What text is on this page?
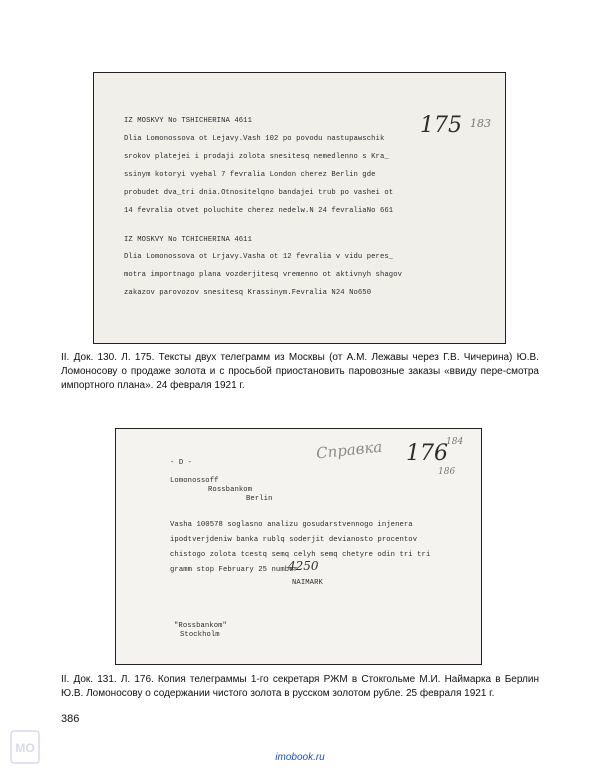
IZ MOSKVY No TSHICHERINA 4611
Dlia Lomonossova ot Lejavy.Vash 102 po povodu nastupawschik
srokov platejei i prodaji zolota snesitesq nemedlenno s Kra_
ssinym kotoryi vyehal 7 fevralia London cherez Berlin gde
probudet dva_tri dnia.Otnositelqno bandajei trub po vashei ot
14 fevralia otvet poluchite cherez nedelw.N 24 fevraliaNo 661
IZ MOSKVY No TCHICHERINA 4611
Dlia Lomonossova ot Lrjavy.Vasha ot 12 fevralia v vidu peres_
motra importnago plana vozderjitesq vremenno ot aktivnyh shagov
zakazov parovozov snesitesq Krassinym.Fevralia N24 No650
175 183
II. Док. 130. Л. 175. Тексты двух телеграмм из Москвы (от А.М. Лежавы через Г.В. Чичерина) Ю.В. Ломоносову о продаже золота и с просьбой приостановить паровозные заказы «ввиду пере-смотра импортного плана». 24 февраля 1921 г.
- D -
Lomonossoff
Rossbankom
Berlin
Vasha 100578 soglasno analizu gosudarstvennogo injenera
ipodtverjdeniw banka rublq soderjit devianosto procentov
chistogo zolota tcestq semq celyh semq chetyre odin tri tri
gramm stop February 25 number
4250
NAIMARK
"Rossbankom"
Stockholm
Справка 176
184
186
II. Док. 131. Л. 176. Копия телеграммы 1-го секретаря РЖМ в Стокгольме М.И. Наймарка в Берлин Ю.В. Ломоносову о содержании чистого золота в русском золотом рубле. 25 февраля 1921 г.
386
МО
imobook.ru
